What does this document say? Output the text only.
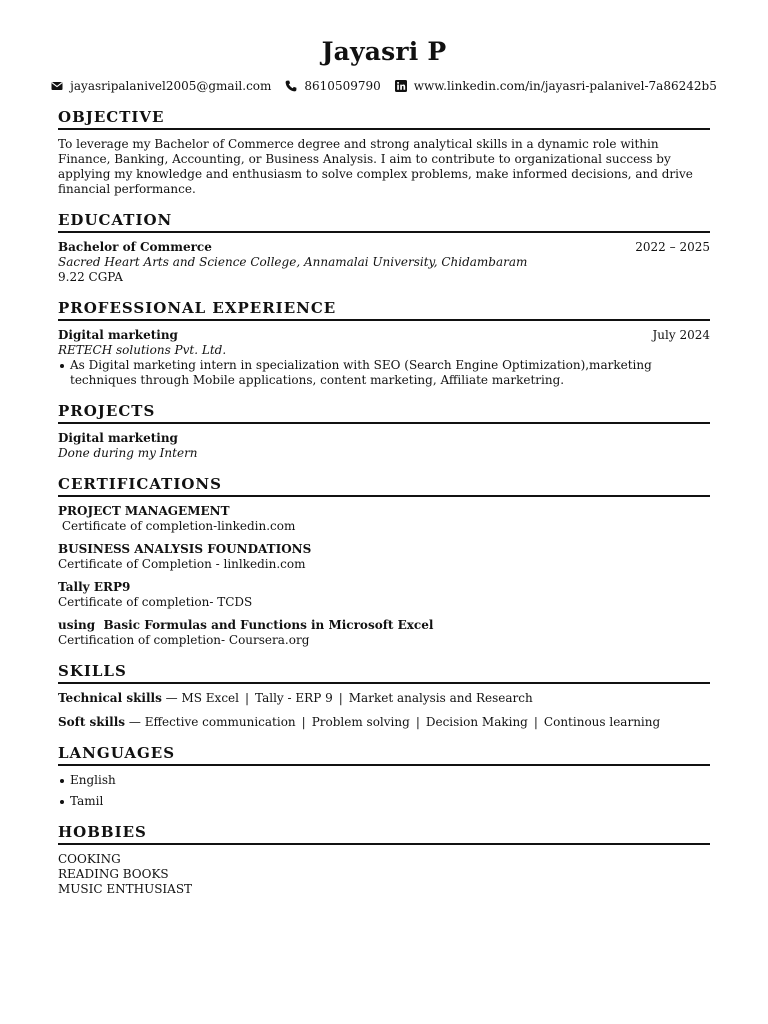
Jayasri P
jayasripalanivel2005@gmail.com	8610509790	www.linkedin.com/in/jayasri-palanivel-7a86242b5
OBJECTIVE
To leverage my Bachelor of Commerce degree and strong analytical skills in a dynamic role within Finance, Banking, Accounting, or Business Analysis. I aim to contribute to organizational success by applying my knowledge and enthusiasm to solve complex problems, make informed decisions, and drive financial performance.
EDUCATION
Bachelor of Commerce	2022 – 2025
Sacred Heart Arts and Science College, Annamalai University, Chidambaram
9.22 CGPA
PROFESSIONAL EXPERIENCE
Digital marketing	July 2024
RETECH solutions Pvt. Ltd.
As Digital marketing intern in specialization with SEO (Search Engine Optimization),marketing techniques through Mobile applications, content marketing, Affiliate marketring.
PROJECTS
Digital marketing
Done during my Intern
CERTIFICATIONS
PROJECT MANAGEMENT
Certificate of completion-linkedin.com
BUSINESS ANALYSIS FOUNDATIONS
Certificate of Completion - linlkedin.com
Tally ERP9
Certificate of completion- TCDS
using  Basic Formulas and Functions in Microsoft Excel
Certification of completion- Coursera.org
SKILLS
Technical skills — MS Excel | Tally - ERP 9 | Market analysis and Research
Soft skills — Effective communication | Problem solving | Decision Making | Continous learning
LANGUAGES
English
Tamil
HOBBIES
COOKING
READING BOOKS
MUSIC ENTHUSIAST
